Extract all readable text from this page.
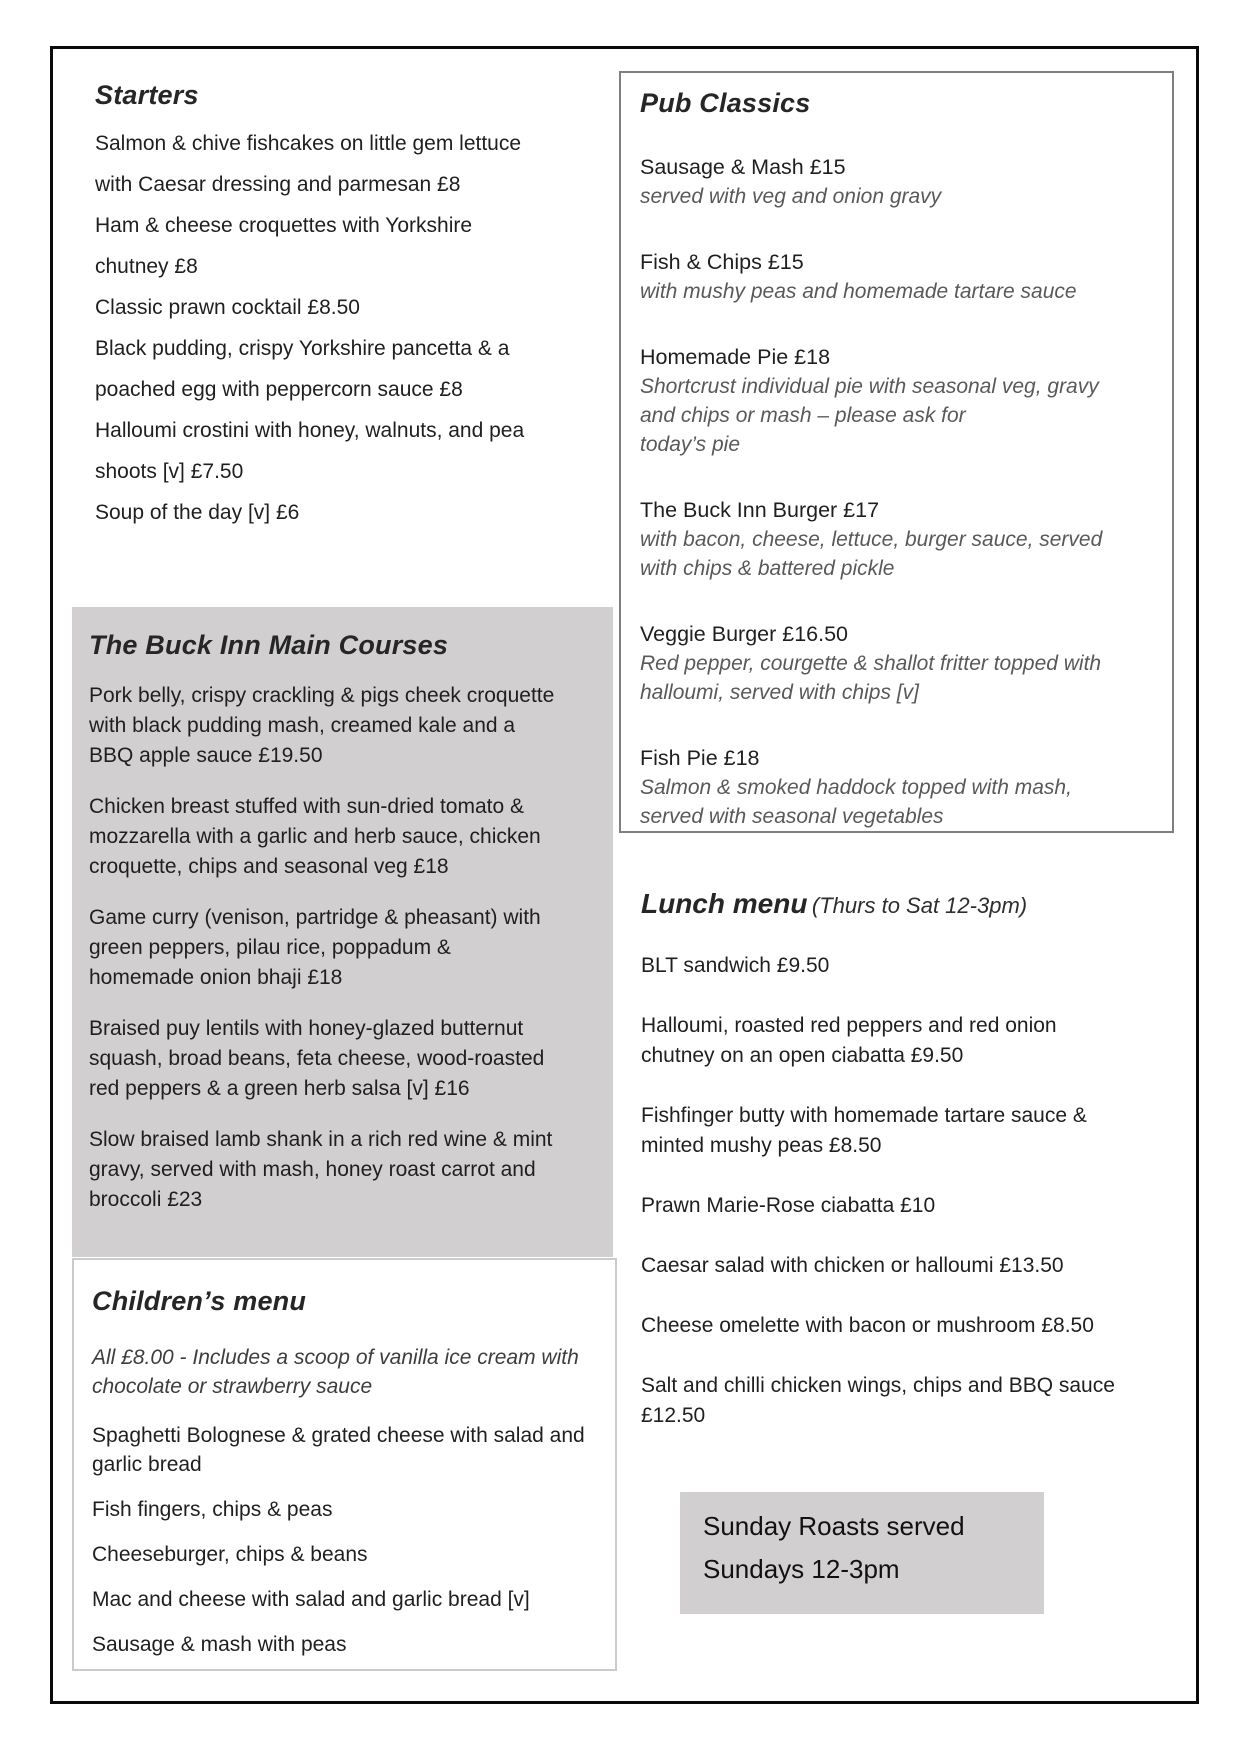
Starters
Salmon & chive fishcakes on little gem lettuce
with Caesar dressing and parmesan £8
Ham & cheese croquettes with Yorkshire
chutney £8
Classic prawn cocktail £8.50
Black pudding, crispy Yorkshire pancetta & a
poached egg with peppercorn sauce £8
Halloumi crostini with honey, walnuts, and pea
shoots [v] £7.50
Soup of the day [v] £6
The Buck Inn Main Courses
Pork belly, crispy crackling & pigs cheek croquette
with black pudding mash, creamed kale and a
BBQ apple sauce £19.50
Chicken breast stuffed with sun-dried tomato &
mozzarella with a garlic and herb sauce, chicken
croquette, chips and seasonal veg £18
Game curry (venison, partridge & pheasant) with
green peppers, pilau rice, poppadum &
homemade onion bhaji £18
Braised puy lentils with honey-glazed butternut
squash, broad beans, feta cheese, wood-roasted
red peppers & a green herb salsa [v] £16
Slow braised lamb shank in a rich red wine & mint
gravy, served with mash, honey roast carrot and
broccoli £23
Children’s menu
All £8.00 - Includes a scoop of vanilla ice cream with
chocolate or strawberry sauce
Spaghetti Bolognese & grated cheese with salad and
garlic bread
Fish fingers, chips & peas
Cheeseburger, chips & beans
Mac and cheese with salad and garlic bread [v]
Sausage & mash with peas
Pub Classics
Sausage & Mash £15
served with veg and onion gravy
Fish & Chips £15
with mushy peas and homemade tartare sauce
Homemade Pie £18
Shortcrust individual pie with seasonal veg, gravy
and chips or mash – please ask for
today’s pie
The Buck Inn Burger £17
with bacon, cheese, lettuce, burger sauce, served
with chips & battered pickle
Veggie Burger £16.50
Red pepper, courgette & shallot fritter topped with
halloumi, served with chips [v]
Fish Pie £18
Salmon & smoked haddock topped with mash,
served with seasonal vegetables
Lunch menu (Thurs to Sat 12-3pm)
BLT sandwich £9.50
Halloumi, roasted red peppers and red onion
chutney on an open ciabatta £9.50
Fishfinger butty with homemade tartare sauce &
minted mushy peas £8.50
Prawn Marie-Rose ciabatta £10
Caesar salad with chicken or halloumi £13.50
Cheese omelette with bacon or mushroom £8.50
Salt and chilli chicken wings, chips and BBQ sauce
£12.50
Sunday Roasts served
Sundays 12-3pm
